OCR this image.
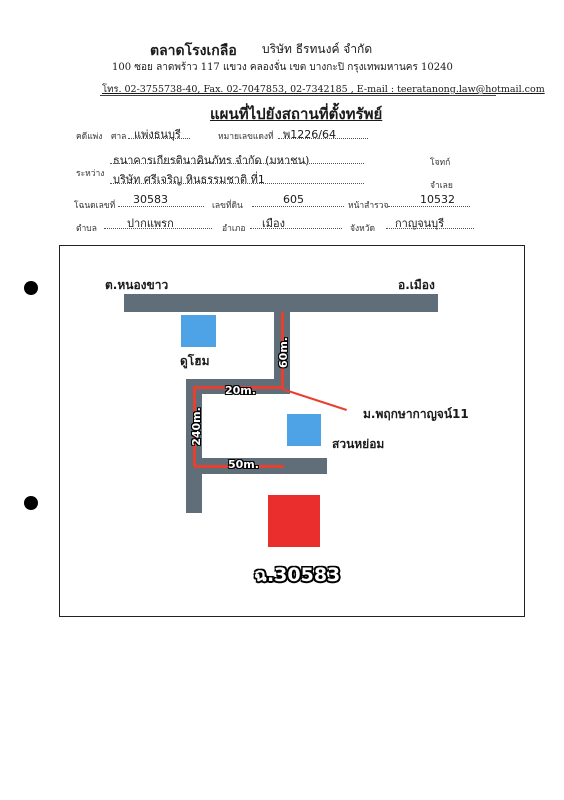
ตลาดโรงเกลือ บริษัท ธีรทนงค์ จำกัด
100 ซอย ลาดพร้าว 117 แขวง คลองจั่น เขต บางกะปิ กรุงเทพมหานคร 10240
โทร. 02-3755738-40, Fax. 02-7047853, 02-7342185 , E-mail : teeratanong.law@hotmail.com
แผนที่ไปยังสถานที่ตั้งทรัพย์
คดีแพ่ง ศาล แพ่งธนบุรี	หมายเลขแดงที่ พ1226/64
ระหว่าง
ธนาคารเกียรตินาคินภัทร จำกัด (มหาชน)	โจทก์
บริษัท ศรีเจริญ หินธรรมชาติ ที่1	จำเลย
โฉนดเลขที่ 30583	เลขที่ดิน	605	หน้าสำรวจ	10532
ตำบล	ปากแพรก	อำเภอ เมือง	จังหวัด กาญจนบุรี
ต.หนองขาว	อ.เมือง
60m.
20m.
240m.
50m.
ดูโฮม
สวนหย่อม
ม.พฤกษากาญจน์11
ฉ.30583
